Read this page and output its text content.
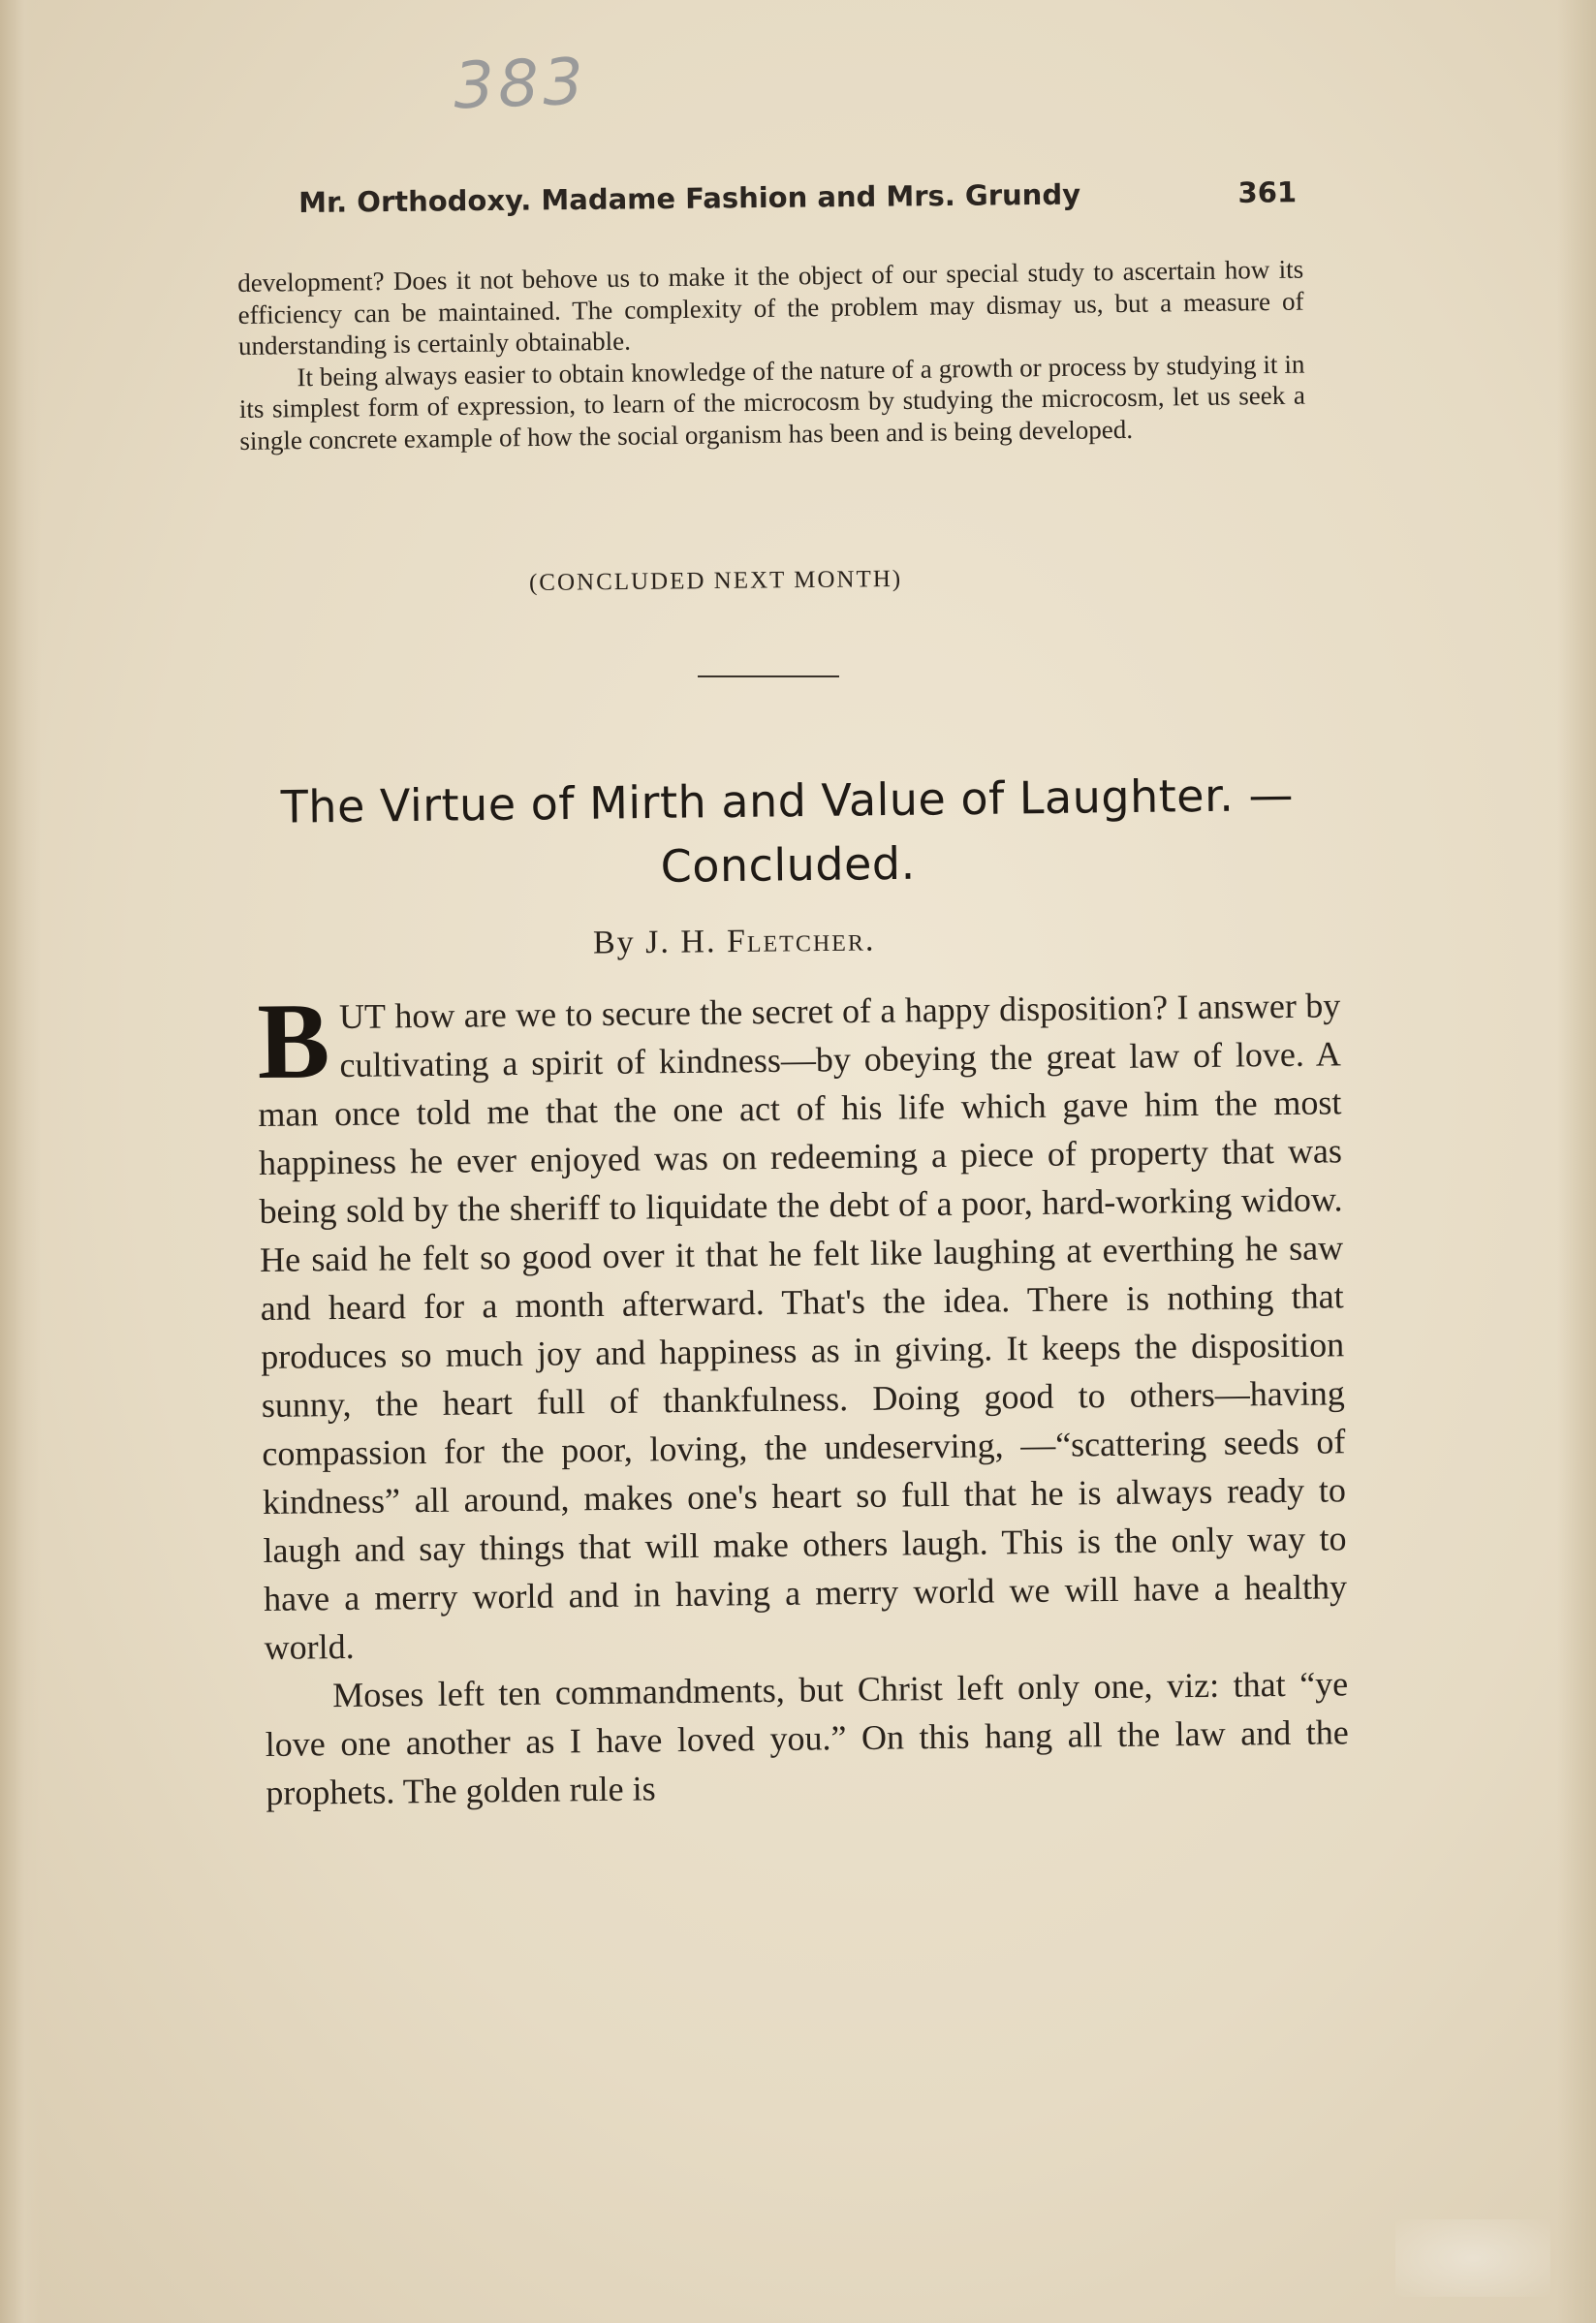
383
Mr. Orthodoxy. Madame Fashion and Mrs. Grundy	361

development? Does it not behove us to make it the object of our special study to ascertain how its efficiency can be maintained. The complexity of the problem may dismay us, but a measure of understanding is certainly obtainable.

It being always easier to obtain knowledge of the nature of a growth or process by studying it in its simplest form of expression, to learn of the microcosm by studying the microcosm, let us seek a single concrete example of how the social organism has been and is being developed.

(CONCLUDED NEXT MONTH)
The Virtue of Mirth and Value of Laughter. —Concluded.
By J. H. Fletcher.

BUT how are we to secure the secret of a happy disposition? I answer by cultivating a spirit of kindness—by obeying the great law of love. A man once told me that the one act of his life which gave him the most happiness he ever enjoyed was on redeeming a piece of property that was being sold by the sheriff to liquidate the debt of a poor, hard-working widow. He said he felt so good over it that he felt like laughing at everthing he saw and heard for a month afterward. That's the idea. There is nothing that produces so much joy and happiness as in giving. It keeps the disposition sunny, the heart full of thankfulness. Doing good to others—having compassion for the poor, loving, the undeserving, —“scattering seeds of kindness” all around, makes one's heart so full that he is always ready to laugh and say things that will make others laugh. This is the only way to have a merry world and in having a merry world we will have a healthy world.

Moses left ten commandments, but Christ left only one, viz: that “ye love one another as I have loved you.” On this hang all the law and the prophets. The golden rule is
